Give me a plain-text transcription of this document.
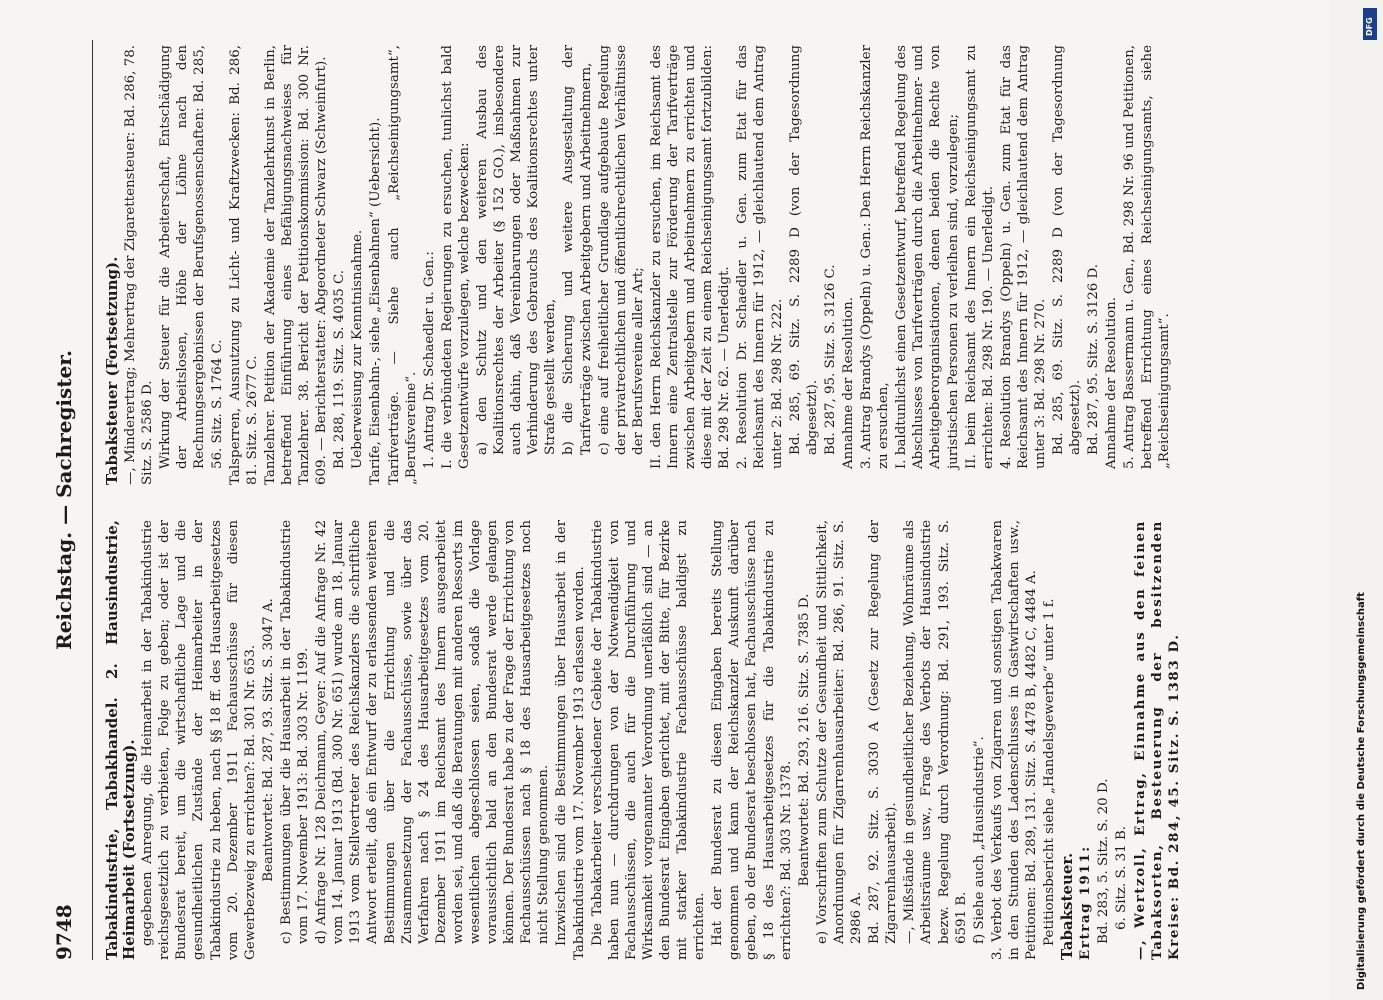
9748
Reichstag. — Sachregister.

Tabakindustrie, Tabakhandel. 2. Hausindustrie, Heimarbeit (Fortsetzung). gegebenen Anregung, die Heimarbeit in der Tabakindustrie reichsgesetzlich zu verbieten, Folge zu geben; oder ist der Bundesrat bereit, um die wirtschaftliche Lage und die gesundheitlichen Zustände der Heimarbeiter in der Tabakindustrie zu heben, nach §§ 18 ff. des Hausarbeitgesetzes vom 20. Dezember 1911 Fachausschüsse für diesen Gewerbezweig zu errichten?: Bd. 301 Nr. 653. Beantwortet: Bd. 287, 93. Sitz. S. 3047 A. c) Bestimmungen über die Hausarbeit in der Tabakindustrie vom 17. November 1913: Bd. 303 Nr. 1199. d) Anfrage Nr. 128 Deichmann, Geyer: Auf die Anfrage Nr. 42 vom 14. Januar 1913 (Bd. 300 Nr. 651) wurde am 18. Januar 1913 vom Stellvertreter des Reichskanzlers die schriftliche Antwort erteilt, daß ein Entwurf der zu erlassenden weiteren Bestimmungen über die Errichtung und die Zusammensetzung der Fachausschüsse, sowie über das Verfahren nach § 24 des Hausarbeitgesetzes vom 20. Dezember 1911 im Reichsamt des Innern ausgearbeitet worden sei, und daß die Beratungen mit anderen Ressorts im wesentlichen abgeschlossen seien, sodaß die Vorlage voraussichtlich bald an den Bundesrat werde gelangen können. Der Bundesrat habe zu der Frage der Errichtung von Fachausschüssen nach § 18 des Hausarbeitgesetzes noch nicht Stellung genommen. Inzwischen sind die Bestimmungen über Hausarbeit in der Tabakindustrie vom 17. November 1913 erlassen worden. Die Tabakarbeiter verschiedener Gebiete der Tabakindustrie haben nun — durchdrungen von der Notwendigkeit von Fachausschüssen, die auch für die Durchführung und Wirksamkeit vorgenannter Verordnung unerläßlich sind — an den Bundesrat Eingaben gerichtet, mit der Bitte, für Bezirke mit starker Tabakindustrie Fachausschüsse baldigst zu errichten. Hat der Bundesrat zu diesen Eingaben bereits Stellung genommen und kann der Reichskanzler Auskunft darüber geben, ob der Bundesrat beschlossen hat, Fachausschüsse nach § 18 des Hausarbeitgesetzes für die Tabakindustrie zu errichten?: Bd. 303 Nr. 1378. Beantwortet: Bd. 293, 216. Sitz. S. 7385 D. e) Vorschriften zum Schutze der Gesundheit und Sittlichkeit, Anordnungen für Zigarrenhausarbeiter: Bd. 286, 91. Sitz. S. 2986 A. Bd. 287, 92. Sitz. S. 3030 A (Gesetz zur Regelung der Zigarrenhausarbeit). —, Mißstände in gesundheitlicher Beziehung, Wohnräume als Arbeitsräume usw., Frage des Verbots der Hausindustrie bezw. Regelung durch Verordnung: Bd. 291, 193. Sitz. S. 6591 B. f) Siehe auch „Hausindustrie“. 3. Verbot des Verkaufs von Zigarren und sonstigen Tabakwaren in den Stunden des Ladenschlusses in Gastwirtschaften usw., Petitionen: Bd. 289, 131. Sitz. S. 4478 B, 4482 C, 4484 A. Petitionsbericht siehe „Handelsgewerbe“ unter 1 f. Tabaksteuer. Ertrag 1911: Bd. 283, 5. Sitz. S. 20 D. 6. Sitz. S. 31 B. —, Wertzoll, Ertrag, Einnahme aus den feinen Tabaksorten, Besteuerung der besitzenden Kreise: Bd. 284, 45. Sitz. S. 1383 D.

Tabaksteuer (Fortsetzung). —, Minderertrag; Mehrertrag der Zigarettensteuer: Bd. 286, 78. Sitz. S. 2586 D. Wirkung der Steuer für die Arbeiterschaft, Entschädigung der Arbeitslosen, Höhe der Löhne nach den Rechnungsergebnissen der Berufsgenossenschaften: Bd. 285, 56. Sitz. S. 1764 C. Talsperren, Ausnutzung zu Licht- und Kraftzwecken: Bd. 286, 81. Sitz. S. 2677 C. Tanzlehrer. Petition der Akademie der Tanzlehrkunst in Berlin, betreffend Einführung eines Befähigungsnachweises für Tanzlehrer. 38. Bericht der Petitionskommission: Bd. 300 Nr. 609. — Berichterstatter: Abgeordneter Schwarz (Schweinfurt). Bd. 288, 119. Sitz. S. 4035 C. Ueberweisung zur Kenntnisnahme. Tarife, Eisenbahn-, siehe „Eisenbahnen“ (Uebersicht). Tarifverträge. — Siehe auch „Reichseinigungsamt“, „Berufsvereine“. 1. Antrag Dr. Schaedler u. Gen.: I. die verbündeten Regierungen zu ersuchen, tunlichst bald Gesetzentwürfe vorzulegen, welche bezwecken: a) den Schutz und den weiteren Ausbau des Koalitionsrechtes der Arbeiter (§ 152 GO.), insbesondere auch dahin, daß Vereinbarungen oder Maßnahmen zur Verhinderung des Gebrauchs des Koalitionsrechtes unter Strafe gestellt werden, b) die Sicherung und weitere Ausgestaltung der Tarifverträge zwischen Arbeitgebern und Arbeitnehmern, c) eine auf freiheitlicher Grundlage aufgebaute Regelung der privatrechtlichen und öffentlichrechtlichen Verhältnisse der Berufsvereine aller Art; II. den Herrn Reichskanzler zu ersuchen, im Reichsamt des Innern eine Zentralstelle zur Förderung der Tarifverträge zwischen Arbeitgebern und Arbeitnehmern zu errichten und diese mit der Zeit zu einem Reichseinigungsamt fortzubilden: Bd. 298 Nr. 62. — Unerledigt. 2. Resolution Dr. Schaedler u. Gen. zum Etat für das Reichsamt des Innern für 1912, — gleichlautend dem Antrag unter 2: Bd. 298 Nr. 222. Bd. 285, 69. Sitz. S. 2289 D (von der Tagesordnung abgesetzt). Bd. 287, 95. Sitz. S. 3126 C. Annahme der Resolution. 3. Antrag Brandys (Oppeln) u. Gen.: Den Herrn Reichskanzler zu ersuchen, I. baldtunlichst einen Gesetzentwurf, betreffend Regelung des Abschlusses von Tarifverträgen durch die Arbeitnehmer- und Arbeitgeberorganisationen, denen beiden die Rechte von juristischen Personen zu verleihen sind, vorzulegen; II. beim Reichsamt des Innern ein Reichseinigungsamt zu errichten: Bd. 298 Nr. 190. — Unerledigt. 4. Resolution Brandys (Oppeln) u. Gen. zum Etat für das Reichsamt des Innern für 1912, — gleichlautend dem Antrag unter 3: Bd. 298 Nr. 270. Bd. 285, 69. Sitz. S. 2289 D (von der Tagesordnung abgesetzt). Bd. 287, 95. Sitz. S. 3126 D. Annahme der Resolution. 5. Antrag Bassermann u. Gen., Bd. 298 Nr. 96 und Petitionen, betreffend Errichtung eines Reichseinigungsamts, siehe „Reichseinigungsamt“.

DFG
Digitalisierung gefördert durch die Deutsche Forschungsgemeinschaft
